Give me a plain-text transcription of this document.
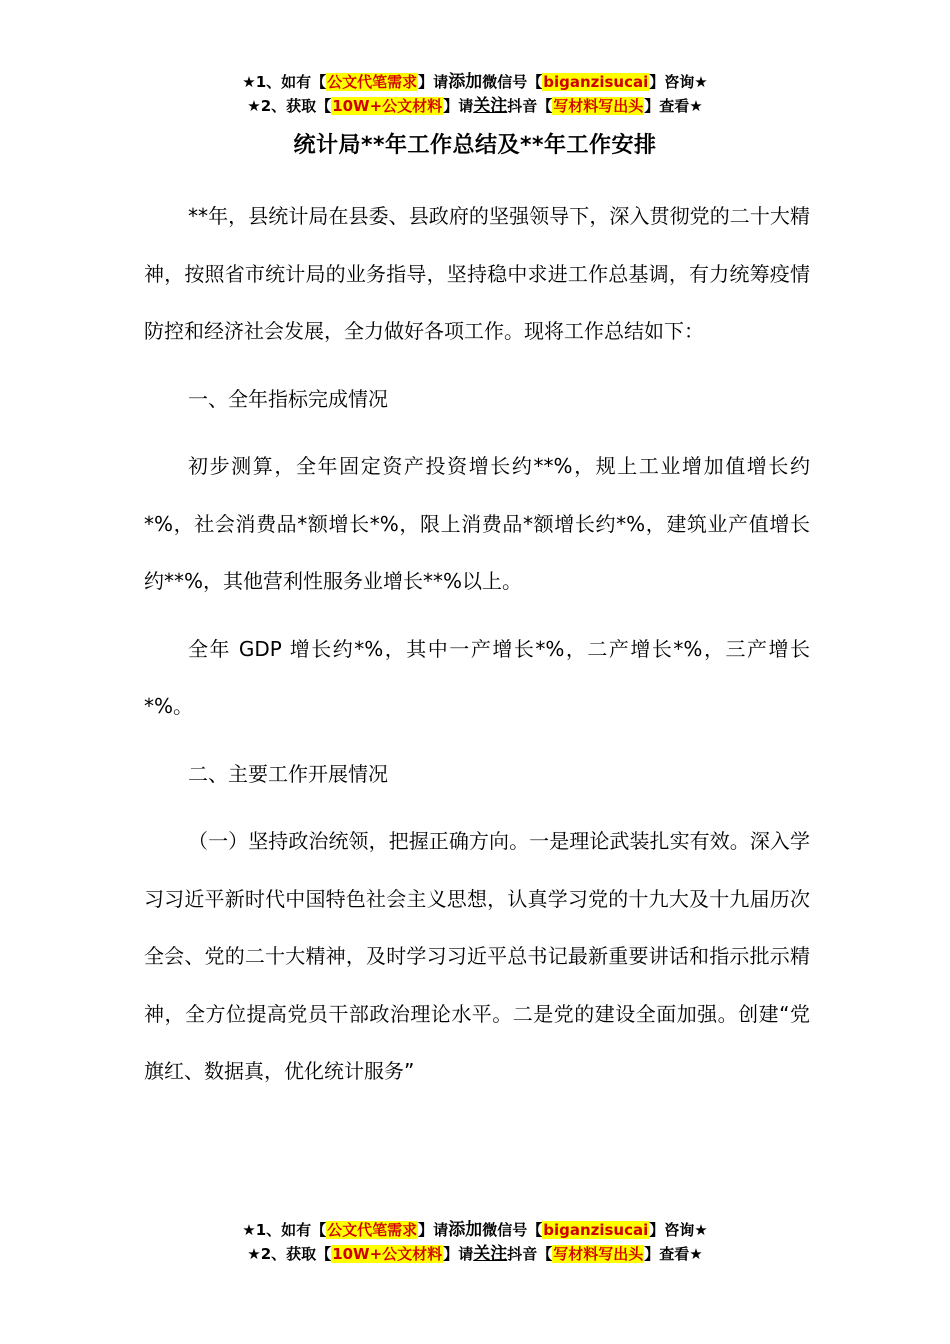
★1、如有【公文代笔需求】请添加微信号【biganzisucai】咨询★
★2、获取【10W+公文材料】请关注抖音【写材料写出头】查看★
统计局**年工作总结及**年工作安排

**年，县统计局在县委、县政府的坚强领导下，深入贯彻党的二十大精神，按照省市统计局的业务指导，坚持稳中求进工作总基调，有力统筹疫情防控和经济社会发展，全力做好各项工作。现将工作总结如下：

一、全年指标完成情况

初步测算，全年固定资产投资增长约**%，规上工业增加值增长约*%，社会消费品*额增长*%，限上消费品*额增长约*%，建筑业产值增长约**%，其他营利性服务业增长**%以上。

全年 GDP 增长约*%，其中一产增长*%，二产增长*%，三产增长*%。

二、主要工作开展情况

（一）坚持政治统领，把握正确方向。一是理论武装扎实有效。深入学习习近平新时代中国特色社会主义思想，认真学习党的十九大及十九届历次全会、党的二十大精神，及时学习习近平总书记最新重要讲话和指示批示精神，全方位提高党员干部政治理论水平。二是党的建设全面加强。创建“党旗红、数据真，优化统计服务”

★1、如有【公文代笔需求】请添加微信号【biganzisucai】咨询★
★2、获取【10W+公文材料】请关注抖音【写材料写出头】查看★
